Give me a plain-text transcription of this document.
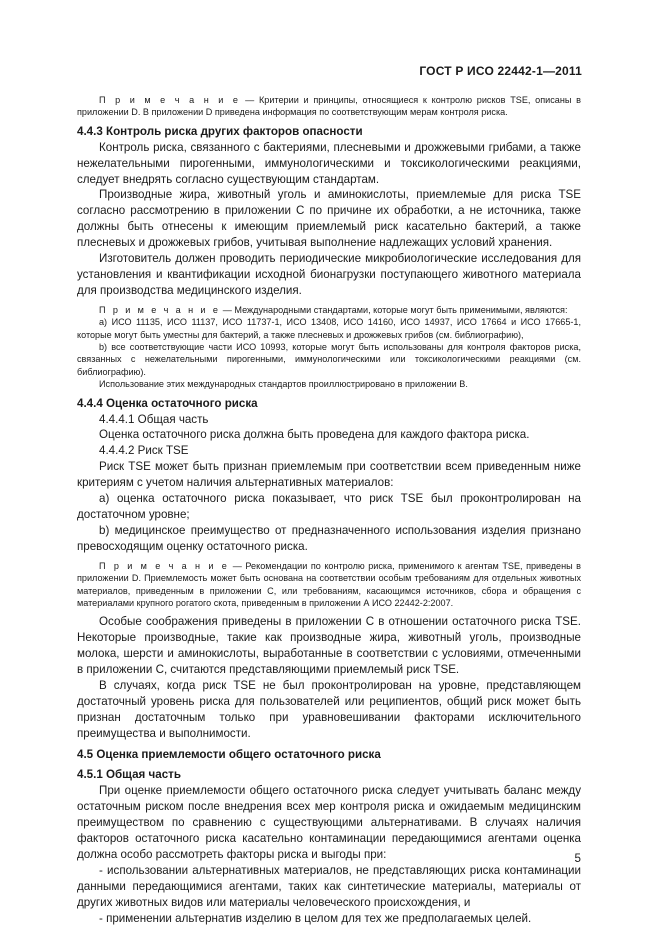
ГОСТ Р ИСО 22442-1—2011

П р и м е ч а н и е — Критерии и принципы, относящиеся к контролю рисков TSE, описаны в приложении D. В приложении D приведена информация по соответствующим мерам контроля риска.

4.4.3 Контроль риска других факторов опасности

Контроль риска, связанного с бактериями, плесневыми и дрожжевыми грибами, а также нежелательными пирогенными, иммунологическими и токсикологическими реакциями, следует внедрять согласно существующим стандартам.

Производные жира, животный уголь и аминокислоты, приемлемые для риска TSE согласно рассмотрению в приложении С по причине их обработки, а не источника, также должны быть отнесены к имеющим приемлемый риск касательно бактерий, а также плесневых и дрожжевых грибов, учитывая выполнение надлежащих условий хранения.

Изготовитель должен проводить периодические микробиологические исследования для установления и квантификации исходной бионагрузки поступающего животного материала для производства медицинского изделия.

П р и м е ч а н и е — Международными стандартами, которые могут быть применимыми, являются:

а) ИСО 11135, ИСО 11137, ИСО 11737-1, ИСО 13408, ИСО 14160, ИСО 14937, ИСО 17664 и ИСО 17665-1, которые могут быть уместны для бактерий, а также плесневых и дрожжевых грибов (см. библиографию),

b) все соответствующие части ИСО 10993, которые могут быть использованы для контроля факторов риска, связанных с нежелательными пирогенными, иммунологическими или токсикологическими реакциями (см. библиографию).

Использование этих международных стандартов проиллюстрировано в приложении В.

4.4.4 Оценка остаточного риска

4.4.4.1 Общая часть

Оценка остаточного риска должна быть проведена для каждого фактора риска.

4.4.4.2 Риск TSE

Риск TSE может быть признан приемлемым при соответствии всем приведенным ниже критериям с учетом наличия альтернативных материалов:

а) оценка остаточного риска показывает, что риск TSE был проконтролирован на достаточном уровне;

b) медицинское преимущество от предназначенного использования изделия признано превосходящим оценку остаточного риска.

П р и м е ч а н и е — Рекомендации по контролю риска, применимого к агентам TSE, приведены в приложении D. Приемлемость может быть основана на соответствии особым требованиям для отдельных животных материалов, приведенным в приложении С, или требованиям, касающимся источников, сбора и обращения с материалами крупного рогатого скота, приведенным в приложении А ИСО 22442-2:2007.

Особые соображения приведены в приложении С в отношении остаточного риска TSE. Некоторые производные, такие как производные жира, животный уголь, производные молока, шерсти и аминокислоты, выработанные в соответствии с условиями, отмеченными в приложении С, считаются представляющими приемлемый риск TSE.

В случаях, когда риск TSE не был проконтролирован на уровне, представляющем достаточный уровень риска для пользователей или реципиентов, общий риск может быть признан достаточным только при уравновешивании факторами исключительного преимущества и выполнимости.

4.5 Оценка приемлемости общего остаточного риска
4.5.1 Общая часть

При оценке приемлемости общего остаточного риска следует учитывать баланс между остаточным риском после внедрения всех мер контроля риска и ожидаемым медицинским преимуществом по сравнению с существующими альтернативами. В случаях наличия факторов остаточного риска касательно контаминации передающимися агентами оценка должна особо рассмотреть факторы риска и выгоды при:

- использовании альтернативных материалов, не представляющих риска контаминации данными передающимися агентами, таких как синтетические материалы, материалы от других животных видов или материалы человеческого происхождения, и

- применении альтернатив изделию в целом для тех же предполагаемых целей.

5
